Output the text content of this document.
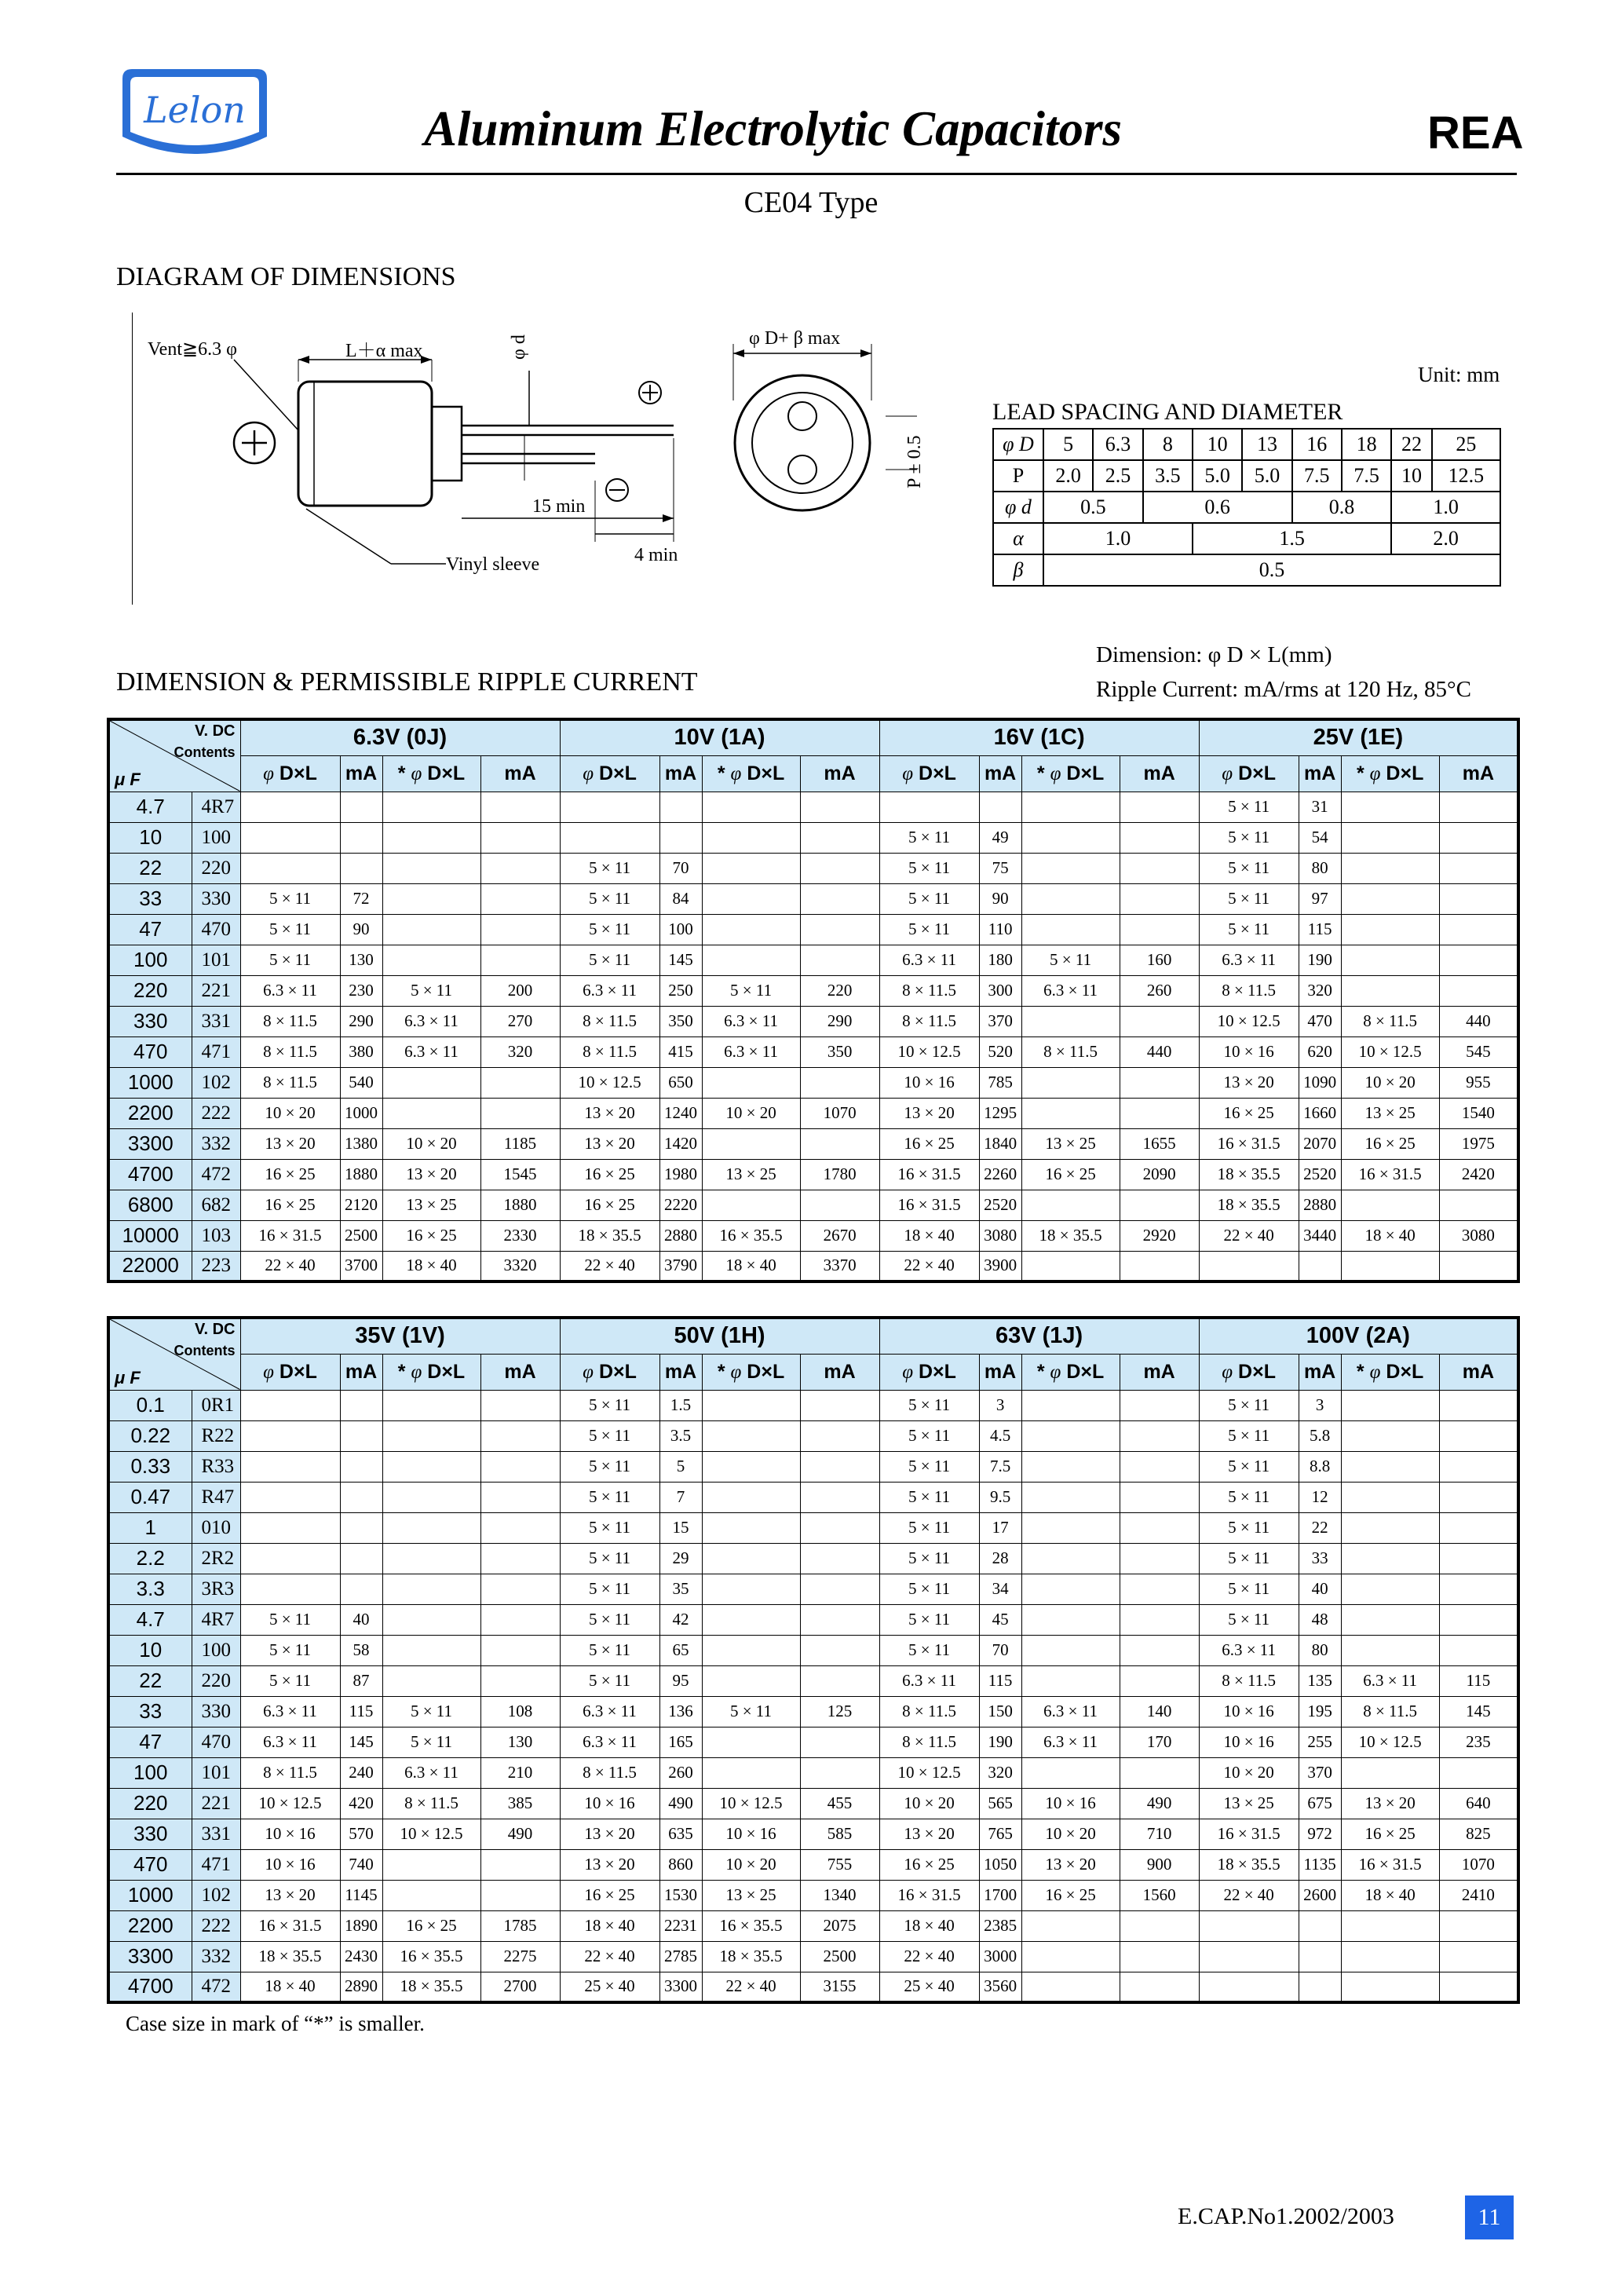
Lelon	Aluminum Electrolytic Capacitors	REA
CE04 Type
DIAGRAM OF DIMENSIONS
L＋α max
Vent≧6.3 φ	φ d
15 min
4 min
Vinyl sleeve
φ D+ β max
P ± 0.5
Unit: mm
LEAD SPACING AND DIAMETER
φ D	5	6.3	8	10	13	16	18	22	25
P	2.0	2.5	3.5	5.0	5.0	7.5	7.5	10	12.5
φ d	0.5		0.6			0.8		1.0	
α	1.0			1.5				2.0	
β	0.5								
DIMENSION & PERMISSIBLE RIPPLE CURRENT
Dimension: φ D × L(mm)
Ripple Current: mA/rms at 120 Hz, 85°C
V. DC
Contents
μ F		6.3V (0J)				10V (1A)				16V (1C)				25V (1E)			
		φ D×L	mA	* φ D×L	mA	φ D×L	mA	* φ D×L	mA	φ D×L	mA	* φ D×L	mA	φ D×L	mA	* φ D×L	mA
4.7	4R7													5 × 11	31		
10	100									5 × 11	49			5 × 11	54		
22	220					5 × 11	70			5 × 11	75			5 × 11	80		
33	330	5 × 11	72			5 × 11	84			5 × 11	90			5 × 11	97		
47	470	5 × 11	90			5 × 11	100			5 × 11	110			5 × 11	115		
100	101	5 × 11	130			5 × 11	145			6.3 × 11	180	5 × 11	160	6.3 × 11	190		
220	221	6.3 × 11	230	5 × 11	200	6.3 × 11	250	5 × 11	220	8 × 11.5	300	6.3 × 11	260	8 × 11.5	320		
330	331	8 × 11.5	290	6.3 × 11	270	8 × 11.5	350	6.3 × 11	290	8 × 11.5	370			10 × 12.5	470	8 × 11.5	440
470	471	8 × 11.5	380	6.3 × 11	320	8 × 11.5	415	6.3 × 11	350	10 × 12.5	520	8 × 11.5	440	10 × 16	620	10 × 12.5	545
1000	102	8 × 11.5	540			10 × 12.5	650			10 × 16	785			13 × 20	1090	10 × 20	955
2200	222	10 × 20	1000			13 × 20	1240	10 × 20	1070	13 × 20	1295			16 × 25	1660	13 × 25	1540
3300	332	13 × 20	1380	10 × 20	1185	13 × 20	1420			16 × 25	1840	13 × 25	1655	16 × 31.5	2070	16 × 25	1975
4700	472	16 × 25	1880	13 × 20	1545	16 × 25	1980	13 × 25	1780	16 × 31.5	2260	16 × 25	2090	18 × 35.5	2520	16 × 31.5	2420
6800	682	16 × 25	2120	13 × 25	1880	16 × 25	2220			16 × 31.5	2520			18 × 35.5	2880		
10000	103	16 × 31.5	2500	16 × 25	2330	18 × 35.5	2880	16 × 35.5	2670	18 × 40	3080	18 × 35.5	2920	22 × 40	3440	18 × 40	3080
22000	223	22 × 40	3700	18 × 40	3320	22 × 40	3790	18 × 40	3370	22 × 40	3900						
V. DC
Contents
μ F		35V (1V)				50V (1H)				63V (1J)				100V (2A)			
		φ D×L	mA	* φ D×L	mA	φ D×L	mA	* φ D×L	mA	φ D×L	mA	* φ D×L	mA	φ D×L	mA	* φ D×L	mA
0.1	0R1					5 × 11	1.5			5 × 11	3			5 × 11	3		
0.22	R22					5 × 11	3.5			5 × 11	4.5			5 × 11	5.8		
0.33	R33					5 × 11	5			5 × 11	7.5			5 × 11	8.8		
0.47	R47					5 × 11	7			5 × 11	9.5			5 × 11	12		
1	010					5 × 11	15			5 × 11	17			5 × 11	22		
2.2	2R2					5 × 11	29			5 × 11	28			5 × 11	33		
3.3	3R3					5 × 11	35			5 × 11	34			5 × 11	40		
4.7	4R7	5 × 11	40			5 × 11	42			5 × 11	45			5 × 11	48		
10	100	5 × 11	58			5 × 11	65			5 × 11	70			6.3 × 11	80		
22	220	5 × 11	87			5 × 11	95			6.3 × 11	115			8 × 11.5	135	6.3 × 11	115
33	330	6.3 × 11	115	5 × 11	108	6.3 × 11	136	5 × 11	125	8 × 11.5	150	6.3 × 11	140	10 × 16	195	8 × 11.5	145
47	470	6.3 × 11	145	5 × 11	130	6.3 × 11	165			8 × 11.5	190	6.3 × 11	170	10 × 16	255	10 × 12.5	235
100	101	8 × 11.5	240	6.3 × 11	210	8 × 11.5	260			10 × 12.5	320			10 × 20	370		
220	221	10 × 12.5	420	8 × 11.5	385	10 × 16	490	10 × 12.5	455	10 × 20	565	10 × 16	490	13 × 25	675	13 × 20	640
330	331	10 × 16	570	10 × 12.5	490	13 × 20	635	10 × 16	585	13 × 20	765	10 × 20	710	16 × 31.5	972	16 × 25	825
470	471	10 × 16	740			13 × 20	860	10 × 20	755	16 × 25	1050	13 × 20	900	18 × 35.5	1135	16 × 31.5	1070
1000	102	13 × 20	1145			16 × 25	1530	13 × 25	1340	16 × 31.5	1700	16 × 25	1560	22 × 40	2600	18 × 40	2410
2200	222	16 × 31.5	1890	16 × 25	1785	18 × 40	2231	16 × 35.5	2075	18 × 40	2385						
3300	332	18 × 35.5	2430	16 × 35.5	2275	22 × 40	2785	18 × 35.5	2500	22 × 40	3000						
4700	472	18 × 40	2890	18 × 35.5	2700	25 × 40	3300	22 × 40	3155	25 × 40	3560						
Case size in mark of “*” is smaller.
E.CAP.No1.2002/2003	11
